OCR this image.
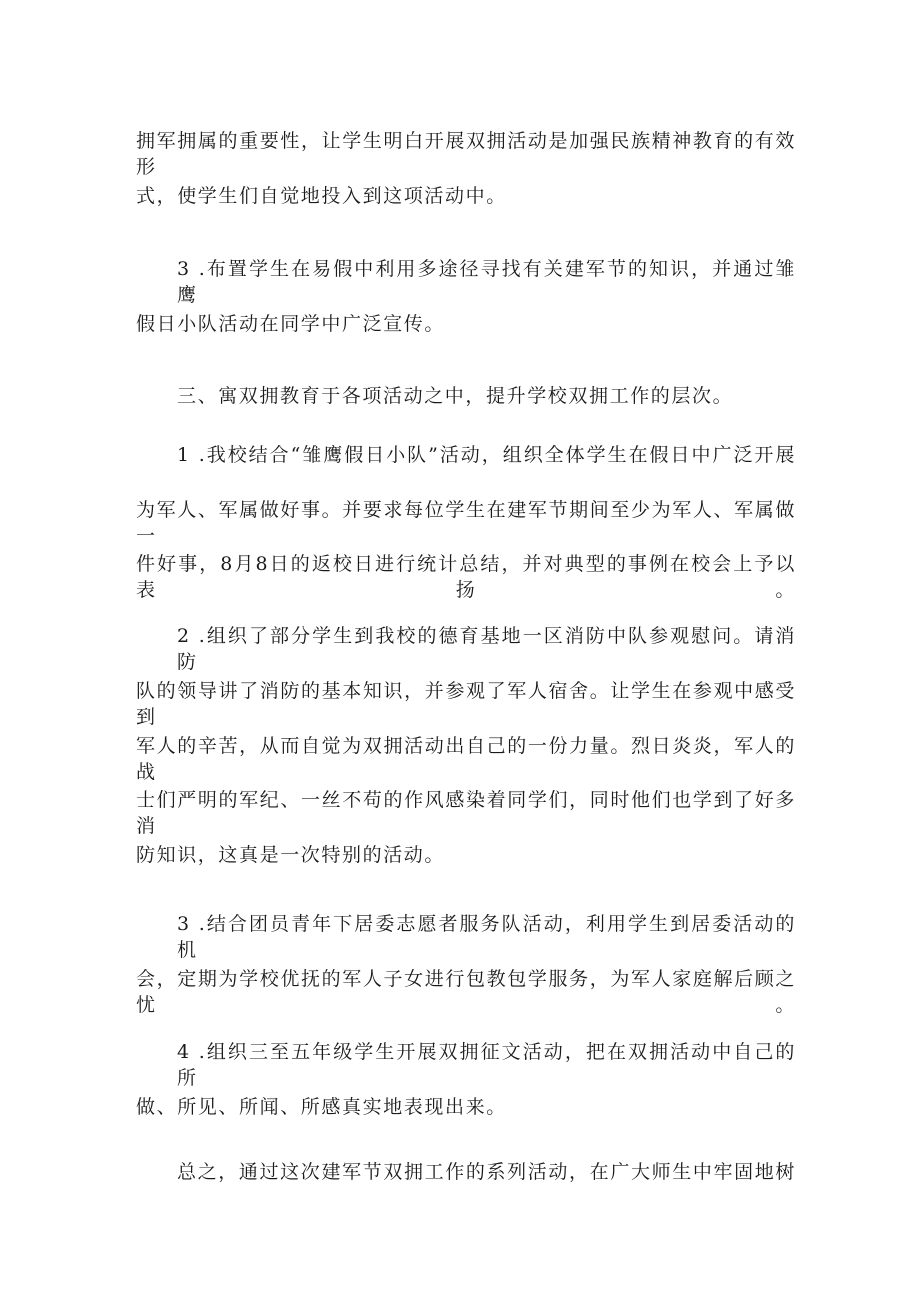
拥军拥属的重要性，让学生明白开展双拥活动是加强民族精神教育的有效形
式，使学生们自觉地投入到这项活动中。
3 .布置学生在易假中利用多途径寻找有关建军节的知识，并通过雏鹰
假日小队活动在同学中广泛宣传。
三、寓双拥教育于各项活动之中，提升学校双拥工作的层次。
1 .我校结合“雏鹰假日小队”活动，组织全体学生在假日中广泛开展
为军人、军属做好事。并要求每位学生在建军节期间至少为军人、军属做一
件好事，8月8日的返校日进行统计总结，并对典型的事例在校会上予以表扬。
2 .组织了部分学生到我校的德育基地一区消防中队参观慰问。请消防
队的领导讲了消防的基本知识，并参观了军人宿舍。让学生在参观中感受到
军人的辛苦，从而自觉为双拥活动出自己的一份力量。烈日炎炎，军人的战
士们严明的军纪、一丝不苟的作风感染着同学们，同时他们也学到了好多消
防知识，这真是一次特别的活动。
3 .结合团员青年下居委志愿者服务队活动，利用学生到居委活动的机
会，定期为学校优抚的军人子女进行包教包学服务，为军人家庭解后顾之忧。
4 .组织三至五年级学生开展双拥征文活动，把在双拥活动中自己的所
做、所见、所闻、所感真实地表现出来。
总之，通过这次建军节双拥工作的系列活动，在广大师生中牢固地树
